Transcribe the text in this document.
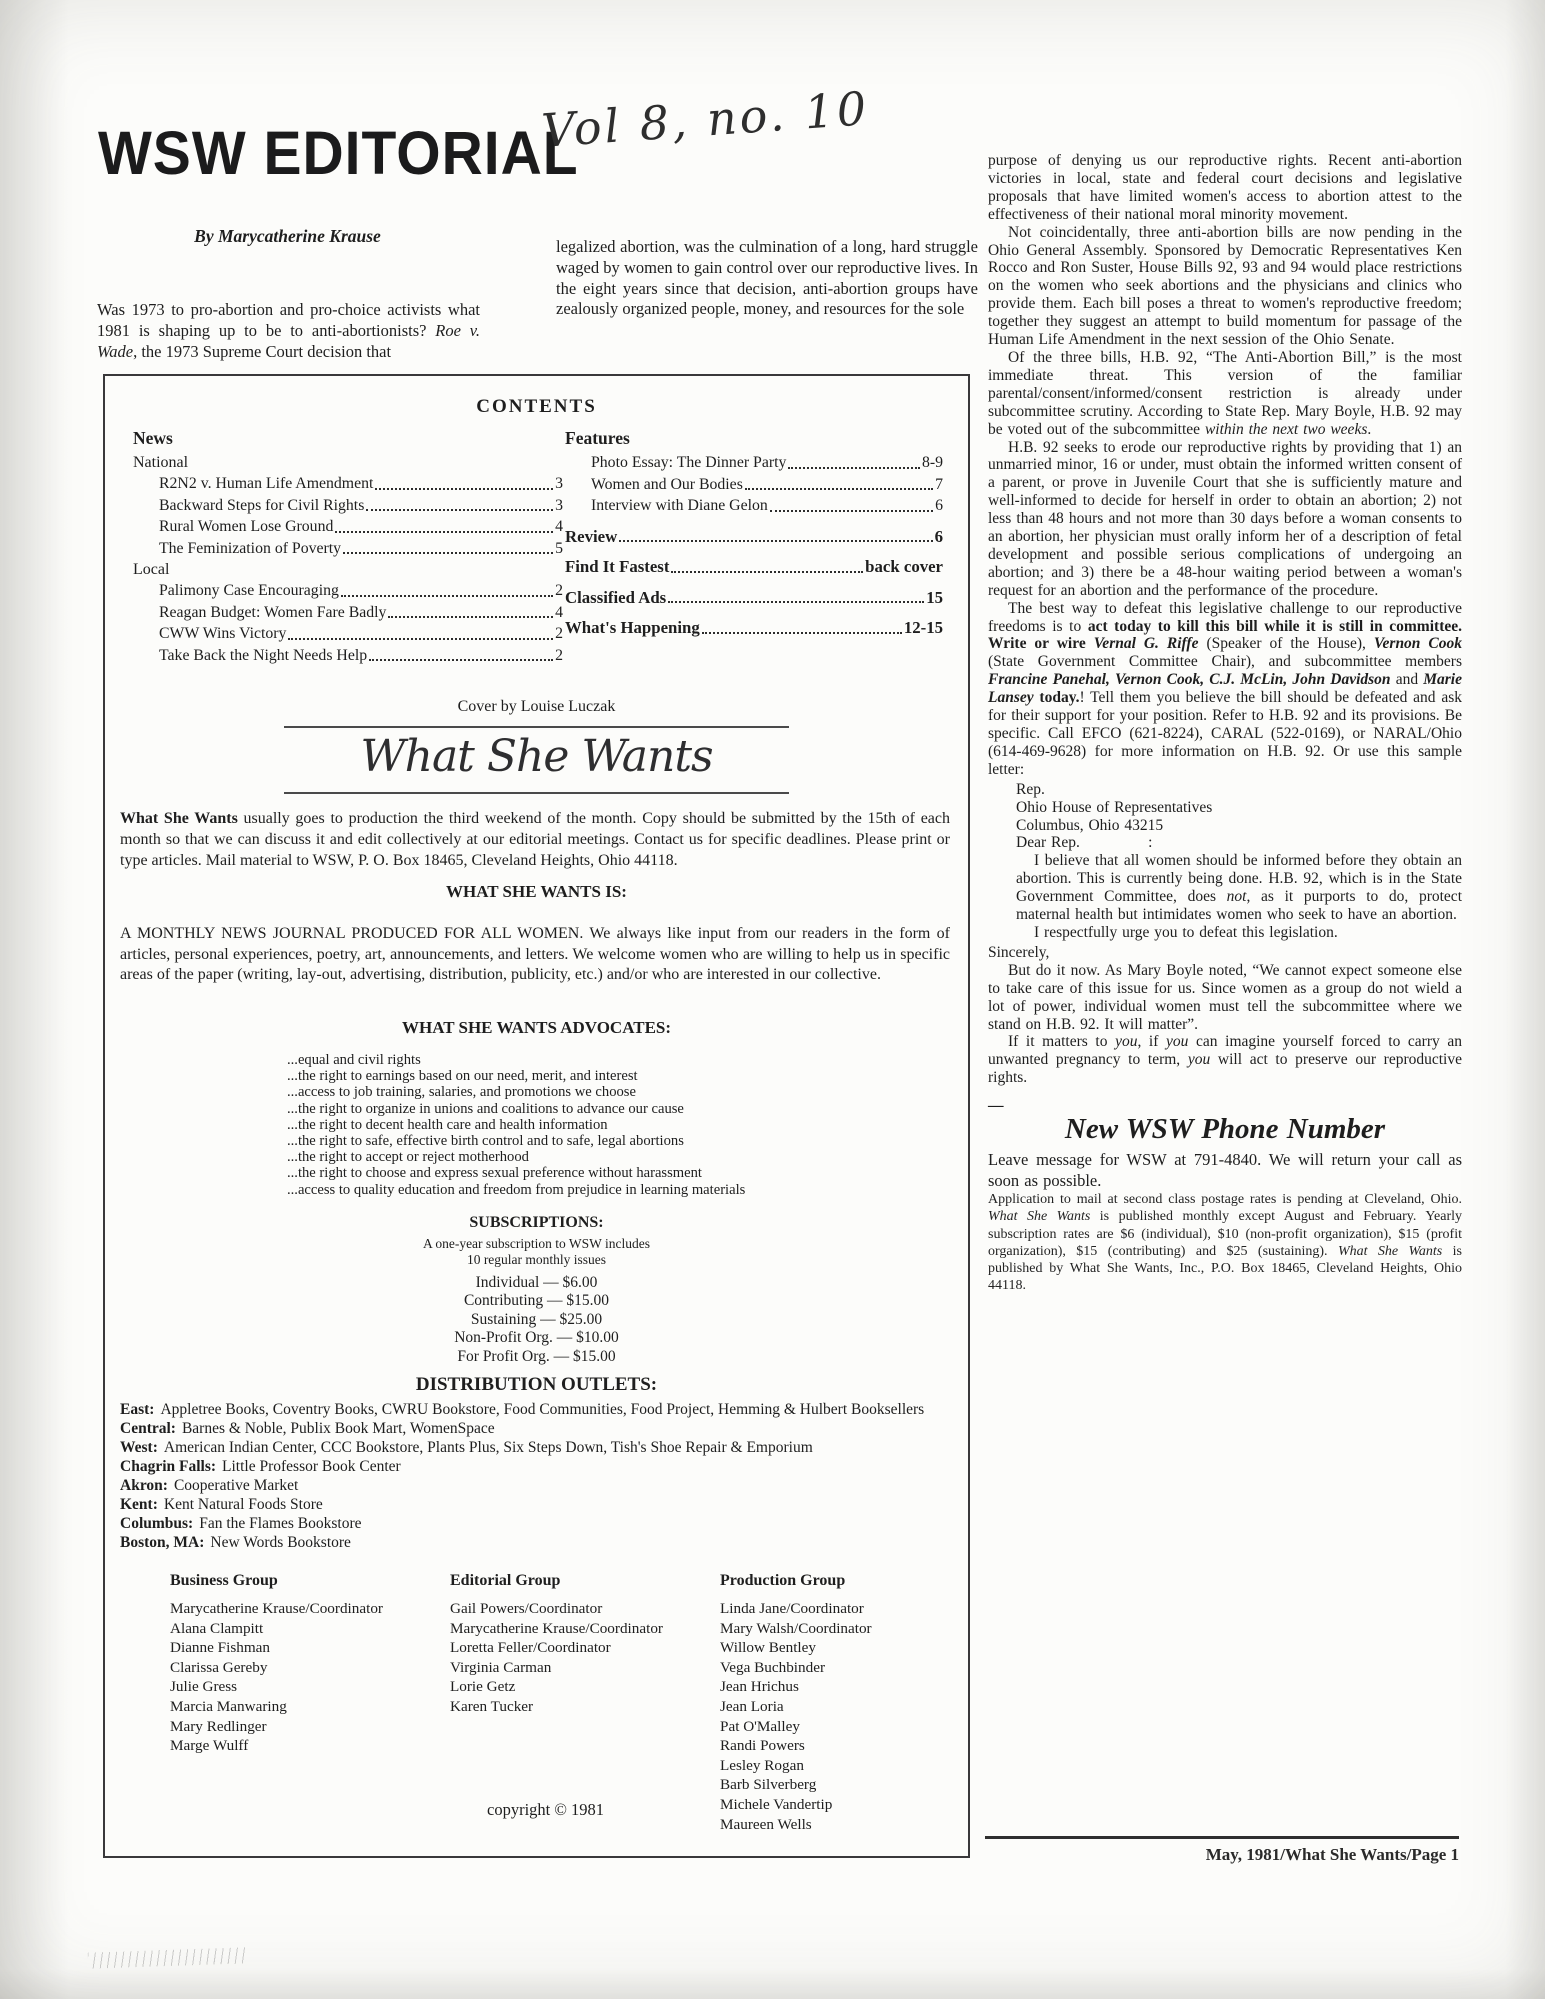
WSW EDITORIAL
Vol 8, no. 10
By Marycatherine Krause
Was 1973 to pro-abortion and pro-choice activists what 1981 is shaping up to be to anti-abortionists? Roe v. Wade, the 1973 Supreme Court decision that
legalized abortion, was the culmination of a long, hard struggle waged by women to gain control over our reproductive lives. In the eight years since that decision, anti-abortion groups have zealously organized people, money, and resources for the sole
CONTENTS
News
National
R2N2 v. Human Life Amendment	3
Backward Steps for Civil Rights	3
Rural Women Lose Ground	4
The Feminization of Poverty	5
Local
Palimony Case Encouraging	2
Reagan Budget: Women Fare Badly	4
CWW Wins Victory	2
Take Back the Night Needs Help	2
Features
Photo Essay: The Dinner Party	8-9
Women and Our Bodies	7
Interview with Diane Gelon	6
Review	6
Find It Fastest	back cover
Classified Ads	15
What's Happening	12-15
Cover by Louise Luczak
What She Wants
What She Wants usually goes to production the third weekend of the month. Copy should be submitted by the 15th of each month so that we can discuss it and edit collectively at our editorial meetings. Contact us for specific deadlines. Please print or type articles. Mail material to WSW, P. O. Box 18465, Cleveland Heights, Ohio 44118.
WHAT SHE WANTS IS:
A MONTHLY NEWS JOURNAL PRODUCED FOR ALL WOMEN. We always like input from our readers in the form of articles, personal experiences, poetry, art, announcements, and letters. We welcome women who are willing to help us in specific areas of the paper (writing, lay-out, advertising, distribution, publicity, etc.) and/or who are interested in our collective.
WHAT SHE WANTS ADVOCATES:
...equal and civil rights
...the right to earnings based on our need, merit, and interest
...access to job training, salaries, and promotions we choose
...the right to organize in unions and coalitions to advance our cause
...the right to decent health care and health information
...the right to safe, effective birth control and to safe, legal abortions
...the right to accept or reject motherhood
...the right to choose and express sexual preference without harassment
...access to quality education and freedom from prejudice in learning materials
SUBSCRIPTIONS:
A one-year subscription to WSW includes
10 regular monthly issues
Individual — $6.00
Contributing — $15.00
Sustaining — $25.00
Non-Profit Org. — $10.00
For Profit Org. — $15.00
DISTRIBUTION OUTLETS:
East: Appletree Books, Coventry Books, CWRU Bookstore, Food Communities, Food Project, Hemming & Hulbert Booksellers
Central: Barnes & Noble, Publix Book Mart, WomenSpace
West: American Indian Center, CCC Bookstore, Plants Plus, Six Steps Down, Tish's Shoe Repair & Emporium
Chagrin Falls: Little Professor Book Center
Akron: Cooperative Market
Kent: Kent Natural Foods Store
Columbus: Fan the Flames Bookstore
Boston, MA: New Words Bookstore
Business Group
Marycatherine Krause/Coordinator
Alana Clampitt
Dianne Fishman
Clarissa Gereby
Julie Gress
Marcia Manwaring
Mary Redlinger
Marge Wulff
Editorial Group
Gail Powers/Coordinator
Marycatherine Krause/Coordinator
Loretta Feller/Coordinator
Virginia Carman
Lorie Getz
Karen Tucker
Production Group
Linda Jane/Coordinator
Mary Walsh/Coordinator
Willow Bentley
Vega Buchbinder
Jean Hrichus
Jean Loria
Pat O'Malley
Randi Powers
Lesley Rogan
Barb Silverberg
Michele Vandertip
Maureen Wells
copyright © 1981

purpose of denying us our reproductive rights. Recent anti-abortion victories in local, state and federal court decisions and legislative proposals that have limited women's access to abortion attest to the effectiveness of their national moral minority movement.

Not coincidentally, three anti-abortion bills are now pending in the Ohio General Assembly. Sponsored by Democratic Representatives Ken Rocco and Ron Suster, House Bills 92, 93 and 94 would place restrictions on the women who seek abortions and the physicians and clinics who provide them. Each bill poses a threat to women's reproductive freedom; together they suggest an attempt to build momentum for passage of the Human Life Amendment in the next session of the Ohio Senate.

Of the three bills, H.B. 92, “The Anti-Abortion Bill,” is the most immediate threat. This version of the familiar parental/consent/informed/consent restriction is already under subcommittee scrutiny. According to State Rep. Mary Boyle, H.B. 92 may be voted out of the subcommittee within the next two weeks.

H.B. 92 seeks to erode our reproductive rights by providing that 1) an unmarried minor, 16 or under, must obtain the informed written consent of a parent, or prove in Juvenile Court that she is sufficiently mature and well-informed to decide for herself in order to obtain an abortion; 2) not less than 48 hours and not more than 30 days before a woman consents to an abortion, her physician must orally inform her of a description of fetal development and possible serious complications of undergoing an abortion; and 3) there be a 48-hour waiting period between a woman's request for an abortion and the performance of the procedure.

The best way to defeat this legislative challenge to our reproductive freedoms is to act today to kill this bill while it is still in committee. Write or wire Vernal G. Riffe (Speaker of the House), Vernon Cook (State Government Committee Chair), and subcommittee members Francine Panehal, Vernon Cook, C.J. McLin, John Davidson and Marie Lansey today.! Tell them you believe the bill should be defeated and ask for their support for your position. Refer to H.B. 92 and its provisions. Be specific. Call EFCO (621-8224), CARAL (522-0169), or NARAL/Ohio (614-469-9628) for more information on H.B. 92. Or use this sample letter:

Rep.

Ohio House of Representatives

Columbus, Ohio 43215

Dear Rep.              :

I believe that all women should be informed before they obtain an abortion. This is currently being done. H.B. 92, which is in the State Government Committee, does not, as it purports to do, protect maternal health but intimidates women who seek to have an abortion.

I respectfully urge you to defeat this legislation.

Sincerely,

But do it now. As Mary Boyle noted, “We cannot expect someone else to take care of this issue for us. Since women as a group do not wield a lot of power, individual women must tell the subcommittee where we stand on H.B. 92. It will matter”.

If it matters to you, if you can imagine yourself forced to carry an unwanted pregnancy to term, you will act to preserve our reproductive rights.

—
New WSW Phone Number

Leave message for WSW at 791-4840. We will return your call as soon as possible.

Application to mail at second class postage rates is pending at Cleveland, Ohio. What She Wants is published monthly except August and February. Yearly subscription rates are $6 (individual), $10 (non-profit organization), $15 (profit organization), $15 (contributing) and $25 (sustaining). What She Wants is published by What She Wants, Inc., P.O. Box 18465, Cleveland Heights, Ohio 44118.

May, 1981/What She Wants/Page 1
